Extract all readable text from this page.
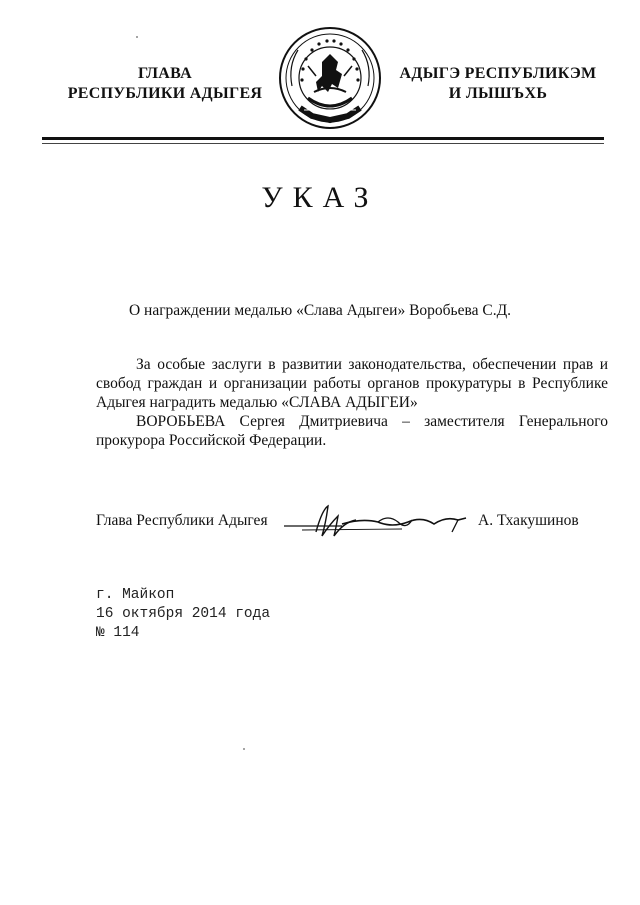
ГЛАВА
РЕСПУБЛИКИ АДЫГЕЯ
АДЫГЭ РЕСПУБЛИКЭМ
И ЛЫШЪХЬ
УКАЗ
О награждении медалью «Слава Адыгеи» Воробьева С.Д.

За особые заслуги в развитии законодательства, обеспечении прав и свобод граждан и организации работы органов прокуратуры в Республике Адыгея наградить медалью «СЛАВА АДЫГЕИ»

ВОРОБЬЕВА Сергея Дмитриевича – заместителя Генерального прокурора Российской Федерации.

Глава Республики Адыгея	А. Тхакушинов
г. Майкоп
16 октября 2014 года
№ 114
